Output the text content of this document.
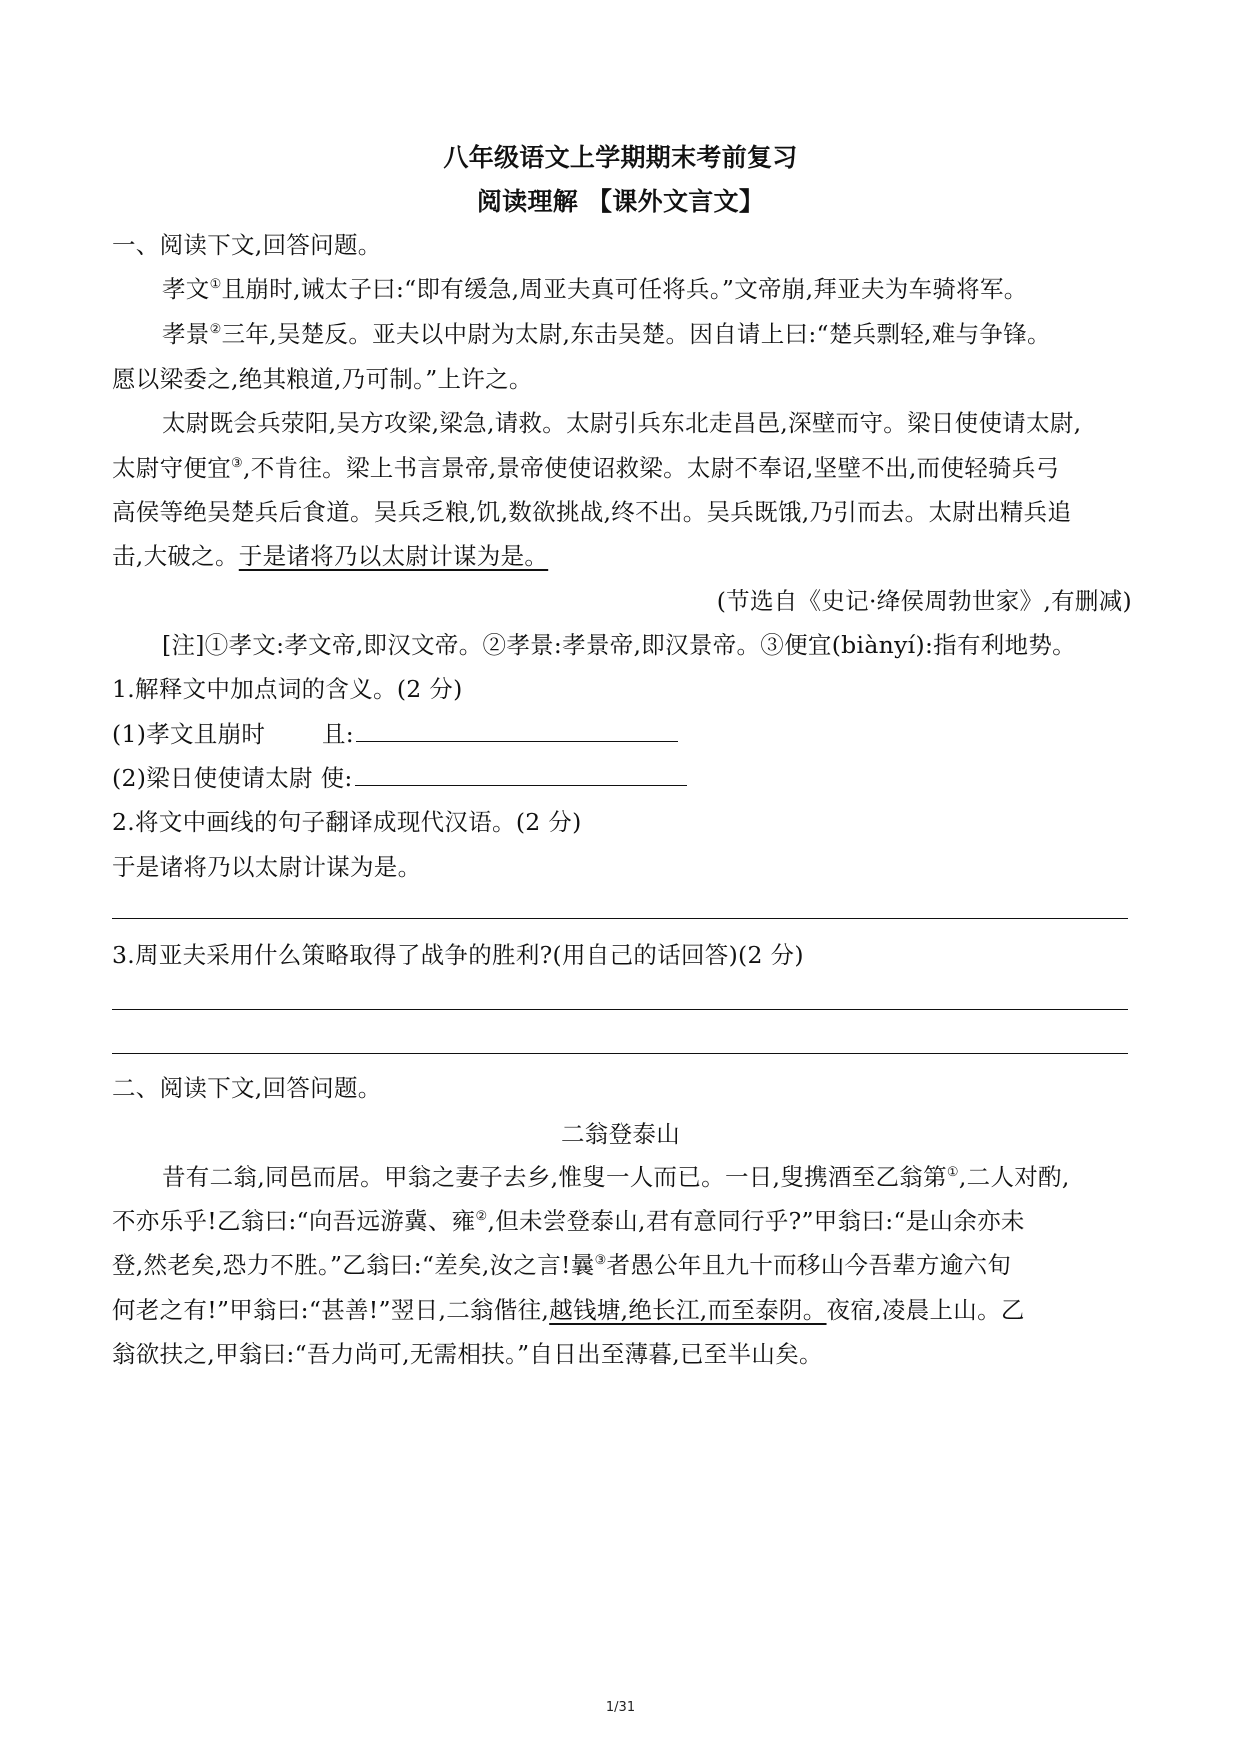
八年级语文上学期期末考前复习
阅读理解 【课外文言文】
一、阅读下文,回答问题。
孝文①且崩时,诫太子曰:“即有缓急,周亚夫真可任将兵。”文帝崩,拜亚夫为车骑将军。
孝景②三年,吴楚反。亚夫以中尉为太尉,东击吴楚。因自请上曰:“楚兵剽轻,难与争锋。
愿以梁委之,绝其粮道,乃可制。”上许之。
太尉既会兵荥阳,吴方攻梁,梁急,请救。太尉引兵东北走昌邑,深壁而守。梁日使使请太尉,
太尉守便宜③,不肯往。梁上书言景帝,景帝使使诏救梁。太尉不奉诏,坚壁不出,而使轻骑兵弓
高侯等绝吴楚兵后食道。吴兵乏粮,饥,数欲挑战,终不出。吴兵既饿,乃引而去。太尉出精兵追
击,大破之。于是诸将乃以太尉计谋为是。
(节选自《史记·绛侯周勃世家》,有删减)
[注]①孝文:孝文帝,即汉文帝。②孝景:孝景帝,即汉景帝。③便宜(biànyí):指有利地势。
1.解释文中加点词的含义。(2 分)
(1)孝文且崩时 且:
(2)梁日使使请太尉 使:
2.将文中画线的句子翻译成现代汉语。(2 分)
于是诸将乃以太尉计谋为是。
3.周亚夫采用什么策略取得了战争的胜利?(用自己的话回答)(2 分)
二、阅读下文,回答问题。
二翁登泰山
昔有二翁,同邑而居。甲翁之妻子去乡,惟叟一人而已。一日,叟携酒至乙翁第①,二人对酌,
不亦乐乎!乙翁曰:“向吾远游冀、雍②,但未尝登泰山,君有意同行乎?”甲翁曰:“是山余亦未
登,然老矣,恐力不胜。”乙翁曰:“差矣,汝之言!曩③者愚公年且九十而移山今吾辈方逾六旬
何老之有!”甲翁曰:“甚善!”翌日,二翁偕往,越钱塘,绝长江,而至泰阴。夜宿,凌晨上山。乙
翁欲扶之,甲翁曰:“吾力尚可,无需相扶。”自日出至薄暮,已至半山矣。
1/31
